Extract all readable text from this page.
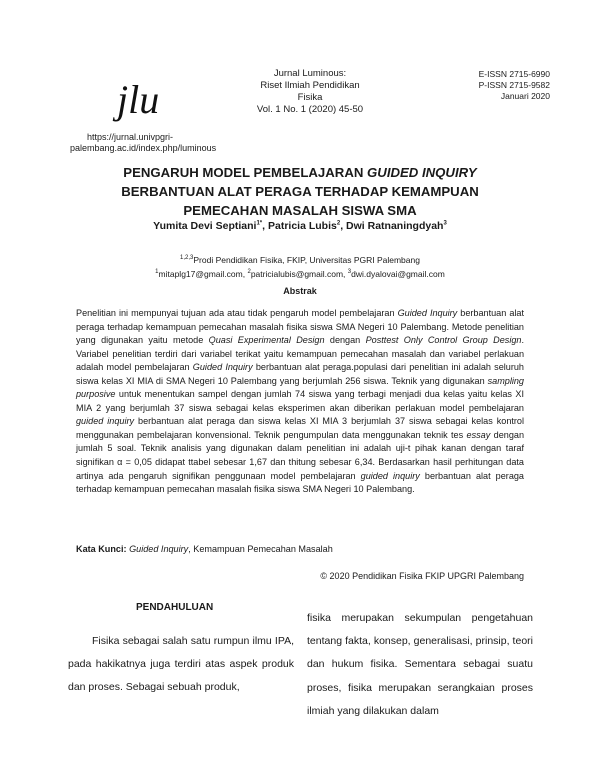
jlu
https://jurnal.univpgri-palembang.ac.id/index.php/luminous
Jurnal Luminous:
Riset Ilmiah Pendidikan Fisika
Vol. 1 No. 1 (2020) 45-50
E-ISSN 2715-6990
P-ISSN 2715-9582
Januari 2020
PENGARUH MODEL PEMBELAJARAN GUIDED INQUIRY
BERBANTUAN ALAT PERAGA TERHADAP KEMAMPUAN
PEMECAHAN MASALAH SISWA SMA
Yumita Devi Septiani$^{1*}$, Patricia Lubis$^2$, Dwi Ratnaningdyah$^3$
$^{1,2,3}$Prodi Pendidikan Fisika, FKIP, Universitas PGRI Palembang
$^1$mitaplg17@gmail.com, $^2$patricialubis@gmail.com, $^3$dwi.dyalovai@gmail.com
Abstrak
Penelitian ini mempunyai tujuan ada atau tidak pengaruh model pembelajaran Guided Inquiry berbantuan alat peraga terhadap kemampuan pemecahan masalah fisika siswa SMA Negeri 10 Palembang. Metode penelitian yang digunakan yaitu metode Quasi Experimental Design dengan Posttest Only Control Group Design. Variabel penelitian terdiri dari variabel terikat yaitu kemampuan pemecahan masalah dan variabel perlakuan adalah model pembelajaran Guided Inquiry berbantuan alat peraga.populasi dari penelitian ini adalah seluruh siswa kelas XI MIA di SMA Negeri 10 Palembang yang berjumlah 256 siswa. Teknik yang digunakan sampling purposive untuk menentukan sampel dengan jumlah 74 siswa yang terbagi menjadi dua kelas yaitu kelas XI MIA 2 yang berjumlah 37 siswa sebagai kelas eksperimen akan diberikan perlakuan model pembelajaran guided inquiry berbantuan alat peraga dan siswa kelas XI MIA 3 berjumlah 37 siswa sebagai kelas kontrol menggunakan pembelajaran konvensional. Teknik pengumpulan data menggunakan teknik tes essay dengan jumlah 5 soal. Teknik analisis yang digunakan dalam penelitian ini adalah uji-t pihak kanan dengan taraf signifikan α = 0,05 didapat ttabel sebesar 1,67 dan thitung sebesar 6,34. Berdasarkan hasil perhitungan data artinya ada pengaruh signifikan penggunaan model pembelajaran guided inquiry berbantuan alat peraga terhadap kemampuan pemecahan masalah fisika siswa SMA Negeri 10 Palembang.
Kata Kunci: Guided Inquiry, Kemampuan Pemecahan Masalah
© 2020 Pendidikan Fisika FKIP UPGRI Palembang
PENDAHULUAN
Fisika sebagai salah satu rumpun ilmu IPA, pada hakikatnya juga terdiri atas aspek produk dan proses. Sebagai sebuah produk,
fisika merupakan sekumpulan pengetahuan tentang fakta, konsep, generalisasi, prinsip, teori dan hukum fisika. Sementara sebagai suatu proses, fisika merupakan serangkaian proses ilmiah yang dilakukan dalam
